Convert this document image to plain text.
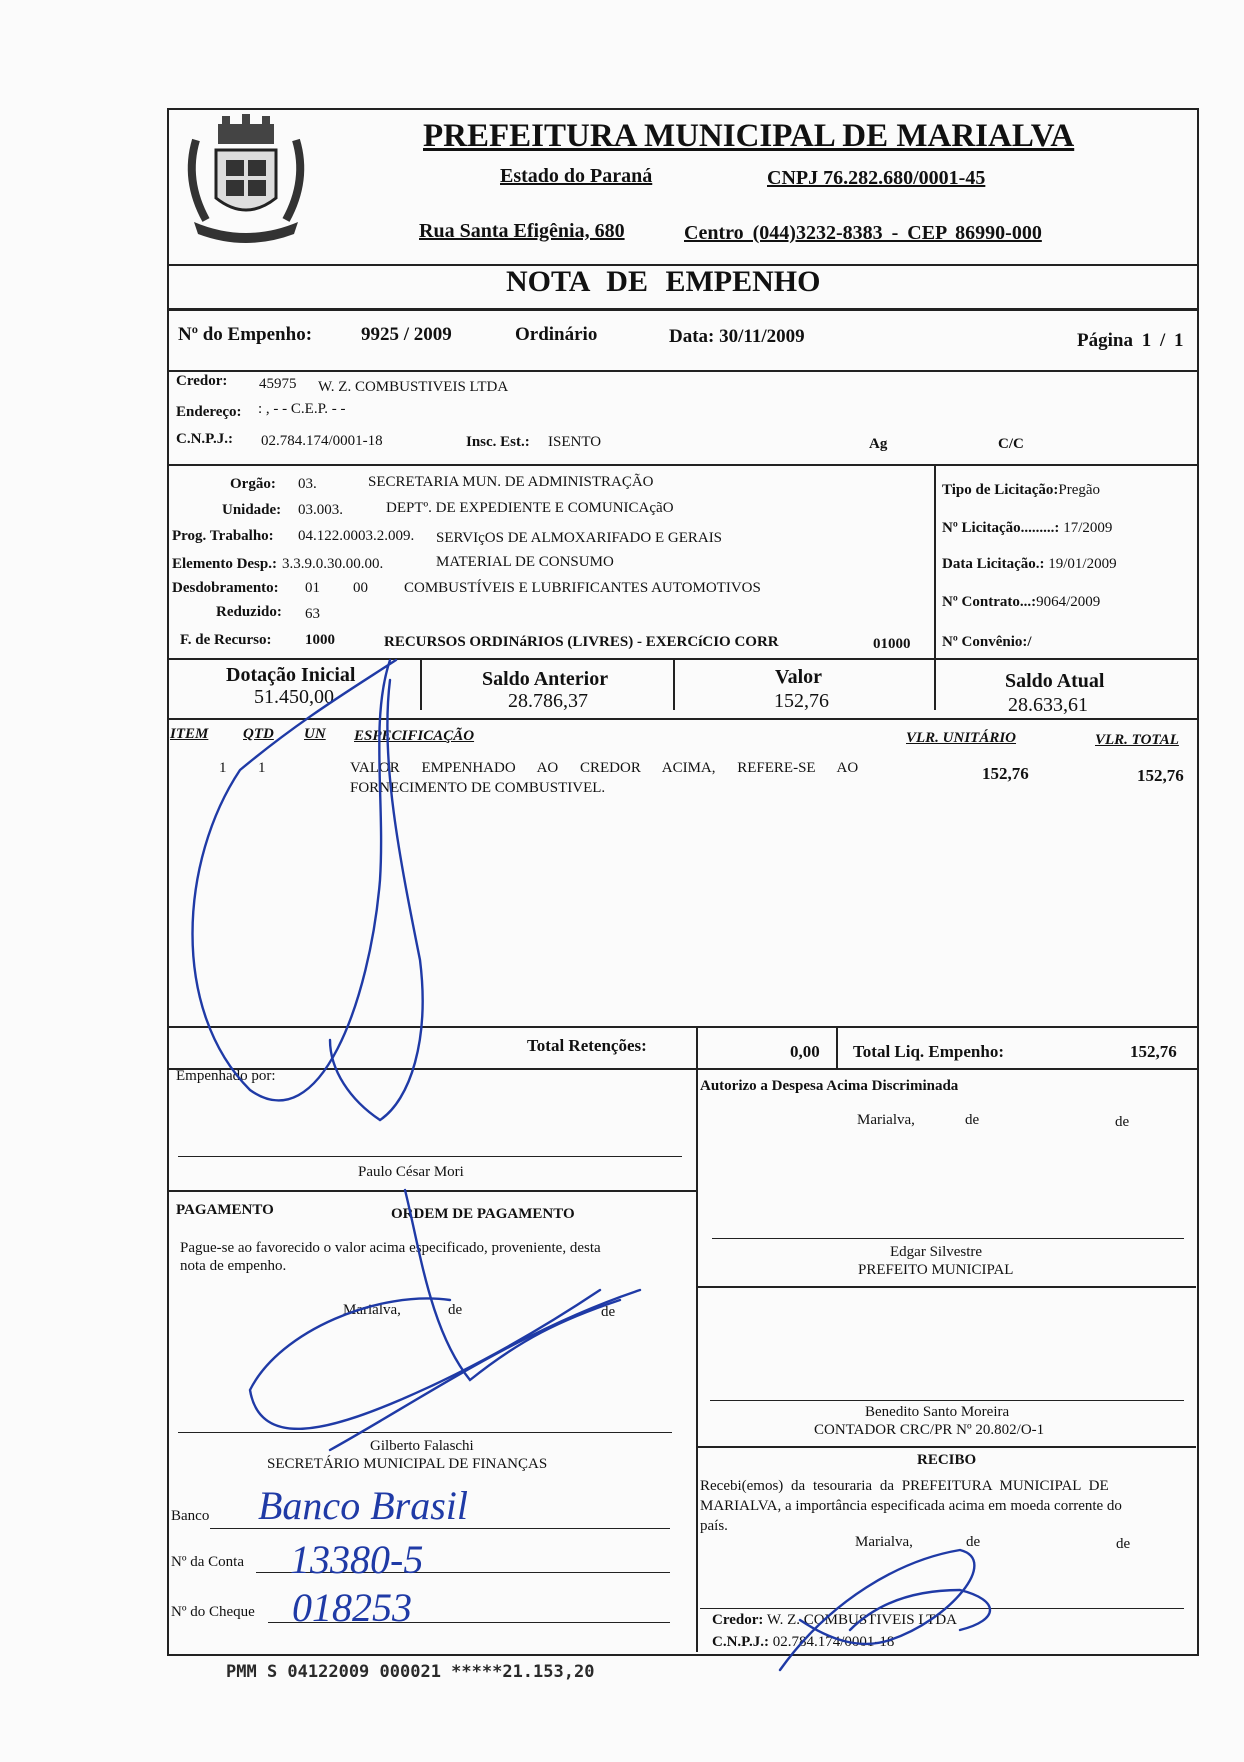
PREFEITURA MUNICIPAL DE MARIALVA
Estado do Paraná	CNPJ 76.282.680/0001-45
Rua Santa Efigênia, 680	Centro (044)3232-8383 - CEP 86990-000
NOTA DE EMPENHO
Nº do Empenho:	9925 / 2009	Ordinário	Data: 30/11/2009	Página 1 / 1
Credor: 45975 W. Z. COMBUSTIVEIS LTDA
Endereço: : , - - C.E.P. - -
C.N.P.J.: 02.784.174/0001-18	Insc. Est.: ISENTO	Ag	C/C
Orgão: 03.	SECRETARIA MUN. DE ADMINISTRAÇÃO
Unidade: 03.003.	DEPTº. DE EXPEDIENTE E COMUNICAçãO
Prog. Trabalho: 04.122.0003.2.009. SERVIçOS DE ALMOXARIFADO E GERAIS
Elemento Desp.: 3.3.9.0.30.00.00.	MATERIAL DE CONSUMO
Desdobramento: 01 00 COMBUSTÍVEIS E LUBRIFICANTES AUTOMOTIVOS
Reduzido: 63
F. de Recurso: 1000	RECURSOS ORDINáRIOS (LIVRES) - EXERCíCIO CORR	01000
Tipo de Licitação:Pregão
Nº Licitação.........: 17/2009
Data Licitação.: 19/01/2009
Nº Contrato...:9064/2009
Nº Convênio:/
Dotação Inicial
51.450,00
Saldo Anterior
28.786,37
Valor
152,76
Saldo Atual
28.633,61
ITEM QTD UN ESPECIFICAÇÃO	VLR. UNITÁRIO	VLR. TOTAL
1 1	VALOR EMPENHADO AO CREDOR ACIMA, REFERE-SE AO
FORNECIMENTO DE COMBUSTIVEL.
152,76	152,76
Total Retenções:	0,00 Total Liq. Empenho:	152,76
Empenhado por:
Paulo César Mori
Autorizo a Despesa Acima Discriminada
Marialva,	de	de
PAGAMENTO	ORDEM DE PAGAMENTO
Pague-se ao favorecido o valor acima especificado, proveniente, desta
nota de empenho.
Marialva,	de	de
Gilberto Falaschi
SECRETÁRIO MUNICIPAL DE FINANÇAS
Edgar Silvestre
PREFEITO MUNICIPAL
Benedito Santo Moreira
CONTADOR CRC/PR Nº 20.802/O-1
RECIBO
Recebi(emos) da tesouraria da PREFEITURA MUNICIPAL DE
MARIALVA, a importância especificada acima em moeda corrente do
país.
Marialva,	de	de
Credor: W. Z. COMBUSTIVEIS LTDA
C.N.P.J.: 02.784.174/0001-18
Banco Banco Brasil
Nº da Conta 13380-5
Nº do Cheque 018253
PMM S 04122009 000021 *****21.153,20
